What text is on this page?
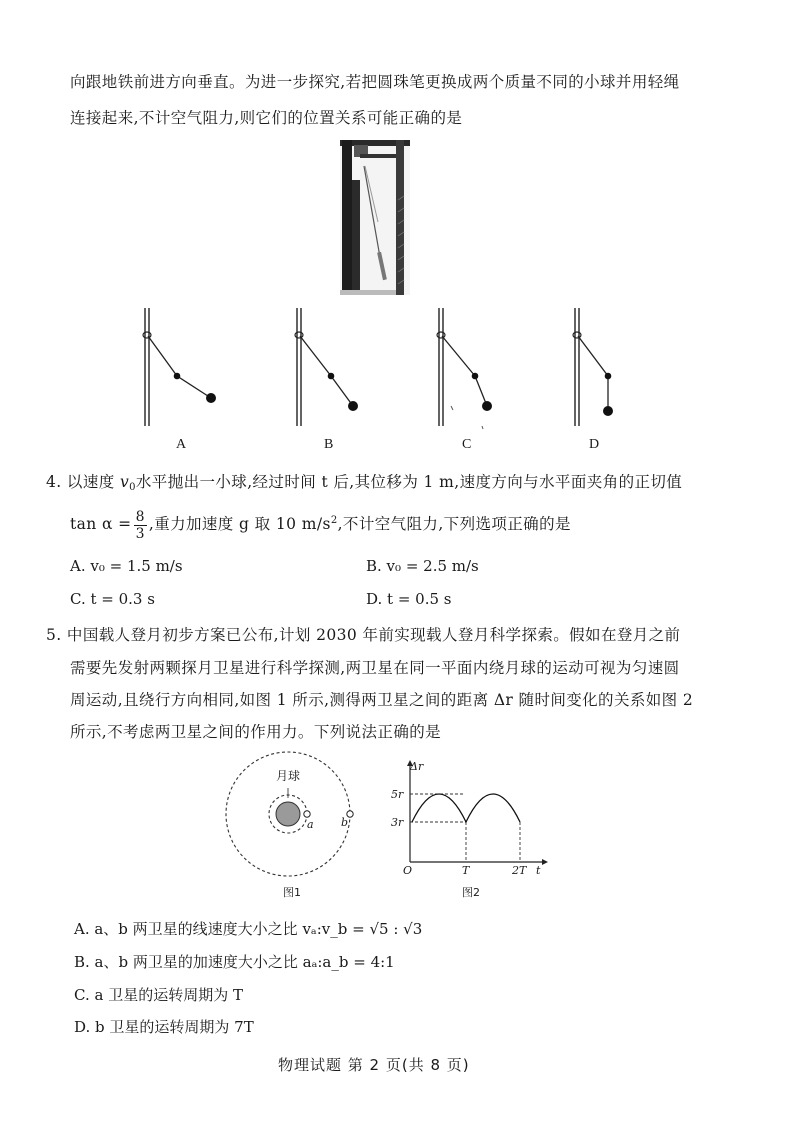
向跟地铁前进方向垂直。为进一步探究,若把圆珠笔更换成两个质量不同的小球并用轻绳
连接起来,不计空气阻力,则它们的位置关系可能正确的是
A	B	C	D
4. 以速度 $v_0$水平抛出一小球,经过时间 t 后,其位移为 1 m,速度方向与水平面夹角的正切值
$\tan \alpha = \frac{8}{3}$ ,重力加速度 g 取 10 $m/s^2$,不计空气阻力,下列选项正确的是
A. v₀ = 1.5 m/s	B. v₀ = 2.5 m/s
C. t = 0.3 s	D. t = 0.5 s
5. 中国载人登月初步方案已公布,计划 2030 年前实现载人登月科学探索。假如在登月之前
需要先发射两颗探月卫星进行科学探测,两卫星在同一平面内绕月球的运动可视为匀速圆
周运动,且绕行方向相同,如图 1 所示,测得两卫星之间的距离 Δr 随时间变化的关系如图 2
所示,不考虑两卫星之间的作用力。下列说法正确的是
月球
a b
图1
Δr
5r
3r
O	T	2T t
图2
A. a、b 两卫星的线速度大小之比 vₐ:v_b = √5 : √3
B. a、b 两卫星的加速度大小之比 aₐ:a_b = 4:1
C. a 卫星的运转周期为 T
D. b 卫星的运转周期为 7T
物理试题 第 2 页(共 8 页)
